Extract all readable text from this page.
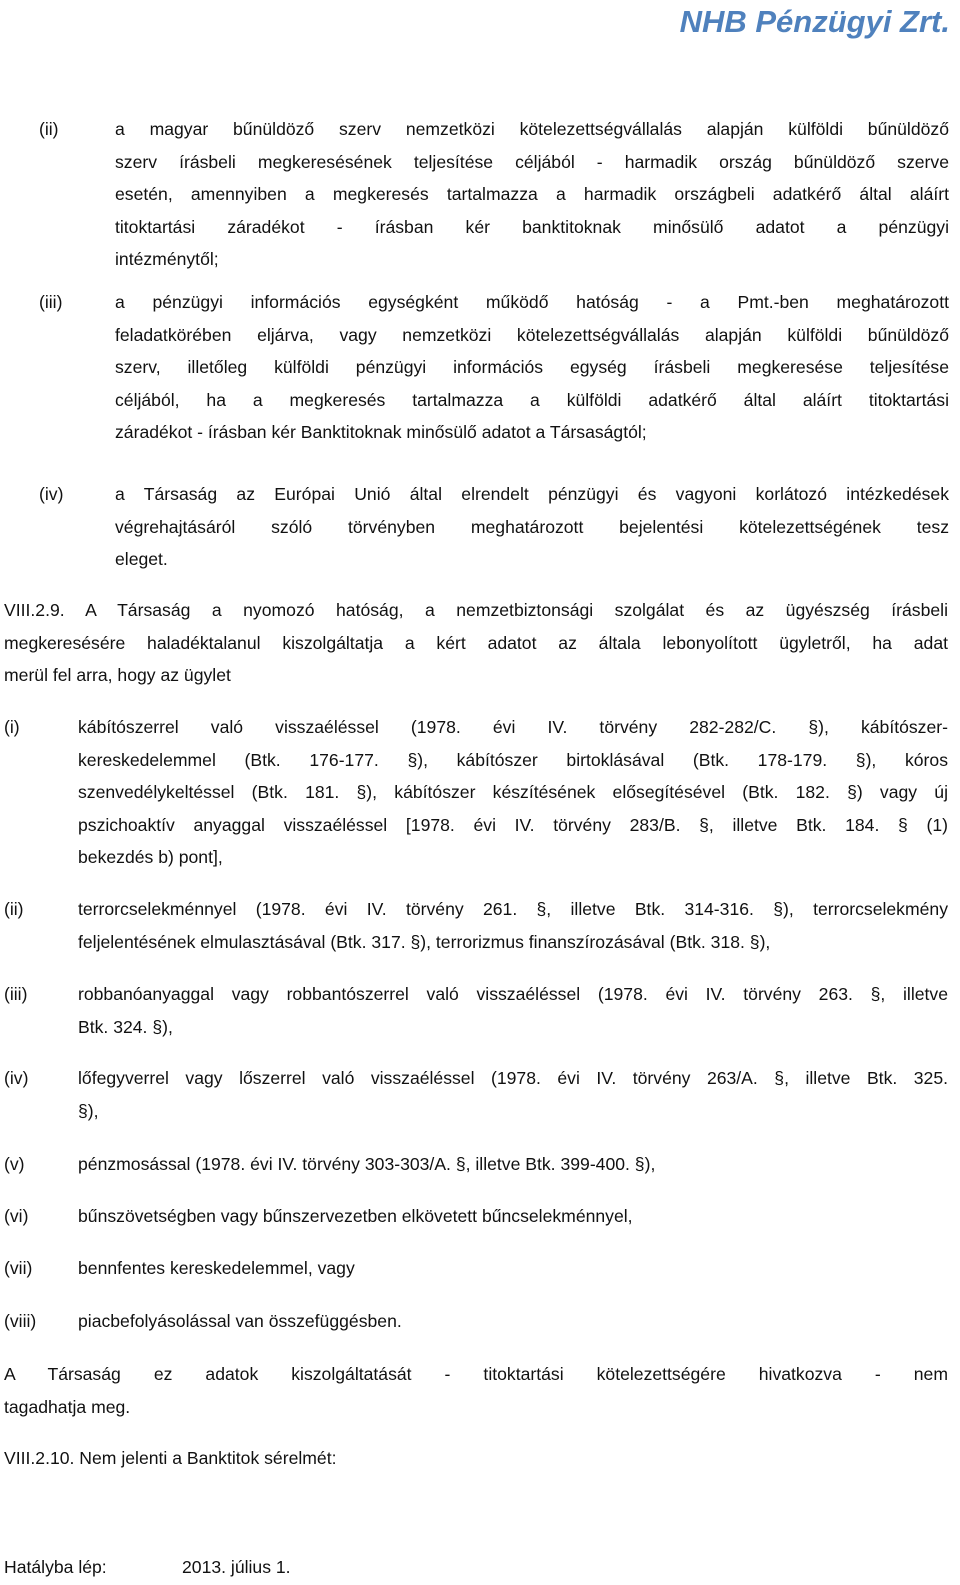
NHB Pénzügyi Zrt.
(ii)	a magyar bűnüldöző szerv nemzetközi kötelezettségvállalás alapján külföldi bűnüldöző
szerv írásbeli megkeresésének teljesítése céljából - harmadik ország bűnüldöző szerve
esetén, amennyiben a megkeresés tartalmazza a harmadik országbeli adatkérő által aláírt
titoktartási záradékot - írásban kér banktitoknak minősülő adatot a pénzügyi
intézménytől;
(iii)	a pénzügyi információs egységként működő hatóság - a Pmt.-ben meghatározott
feladatkörében eljárva, vagy nemzetközi kötelezettségvállalás alapján külföldi bűnüldöző
szerv, illetőleg külföldi pénzügyi információs egység írásbeli megkeresése teljesítése
céljából, ha a megkeresés tartalmazza a külföldi adatkérő által aláírt titoktartási
záradékot - írásban kér Banktitoknak minősülő adatot a Társaságtól;
(iv)	a Társaság az Európai Unió által elrendelt pénzügyi és vagyoni korlátozó intézkedések
végrehajtásáról szóló törvényben meghatározott bejelentési kötelezettségének tesz
eleget.
VIII.2.9. A Társaság a nyomozó hatóság, a nemzetbiztonsági szolgálat és az ügyészség írásbeli
megkeresésére haladéktalanul kiszolgáltatja a kért adatot az általa lebonyolított ügyletről, ha adat
merül fel arra, hogy az ügylet
(i)	kábítószerrel való visszaéléssel (1978. évi IV. törvény 282-282/C. §), kábítószer-
kereskedelemmel (Btk. 176-177. §), kábítószer birtoklásával (Btk. 178-179. §), kóros
szenvedélykeltéssel (Btk. 181. §), kábítószer készítésének elősegítésével (Btk. 182. §) vagy új
pszichoaktív anyaggal visszaéléssel [1978. évi IV. törvény 283/B. §, illetve Btk. 184. § (1)
bekezdés b) pont],
(ii)	terrorcselekménnyel (1978. évi IV. törvény 261. §, illetve Btk. 314-316. §), terrorcselekmény
feljelentésének elmulasztásával (Btk. 317. §), terrorizmus finanszírozásával (Btk. 318. §),
(iii)	robbanóanyaggal vagy robbantószerrel való visszaéléssel (1978. évi IV. törvény 263. §, illetve
Btk. 324. §),
(iv)	lőfegyverrel vagy lőszerrel való visszaéléssel (1978. évi IV. törvény 263/A. §, illetve Btk. 325.
§),
(v)	pénzmosással (1978. évi IV. törvény 303-303/A. §, illetve Btk. 399-400. §),
(vi)	bűnszövetségben vagy bűnszervezetben elkövetett bűncselekménnyel,
(vii)	bennfentes kereskedelemmel, vagy
(viii) piacbefolyásolással van összefüggésben.
A Társaság ez adatok kiszolgáltatását - titoktartási kötelezettségére hivatkozva - nem
tagadhatja meg.
VIII.2.10. Nem jelenti a Banktitok sérelmét:
Hatályba lép:	2013. július 1.
